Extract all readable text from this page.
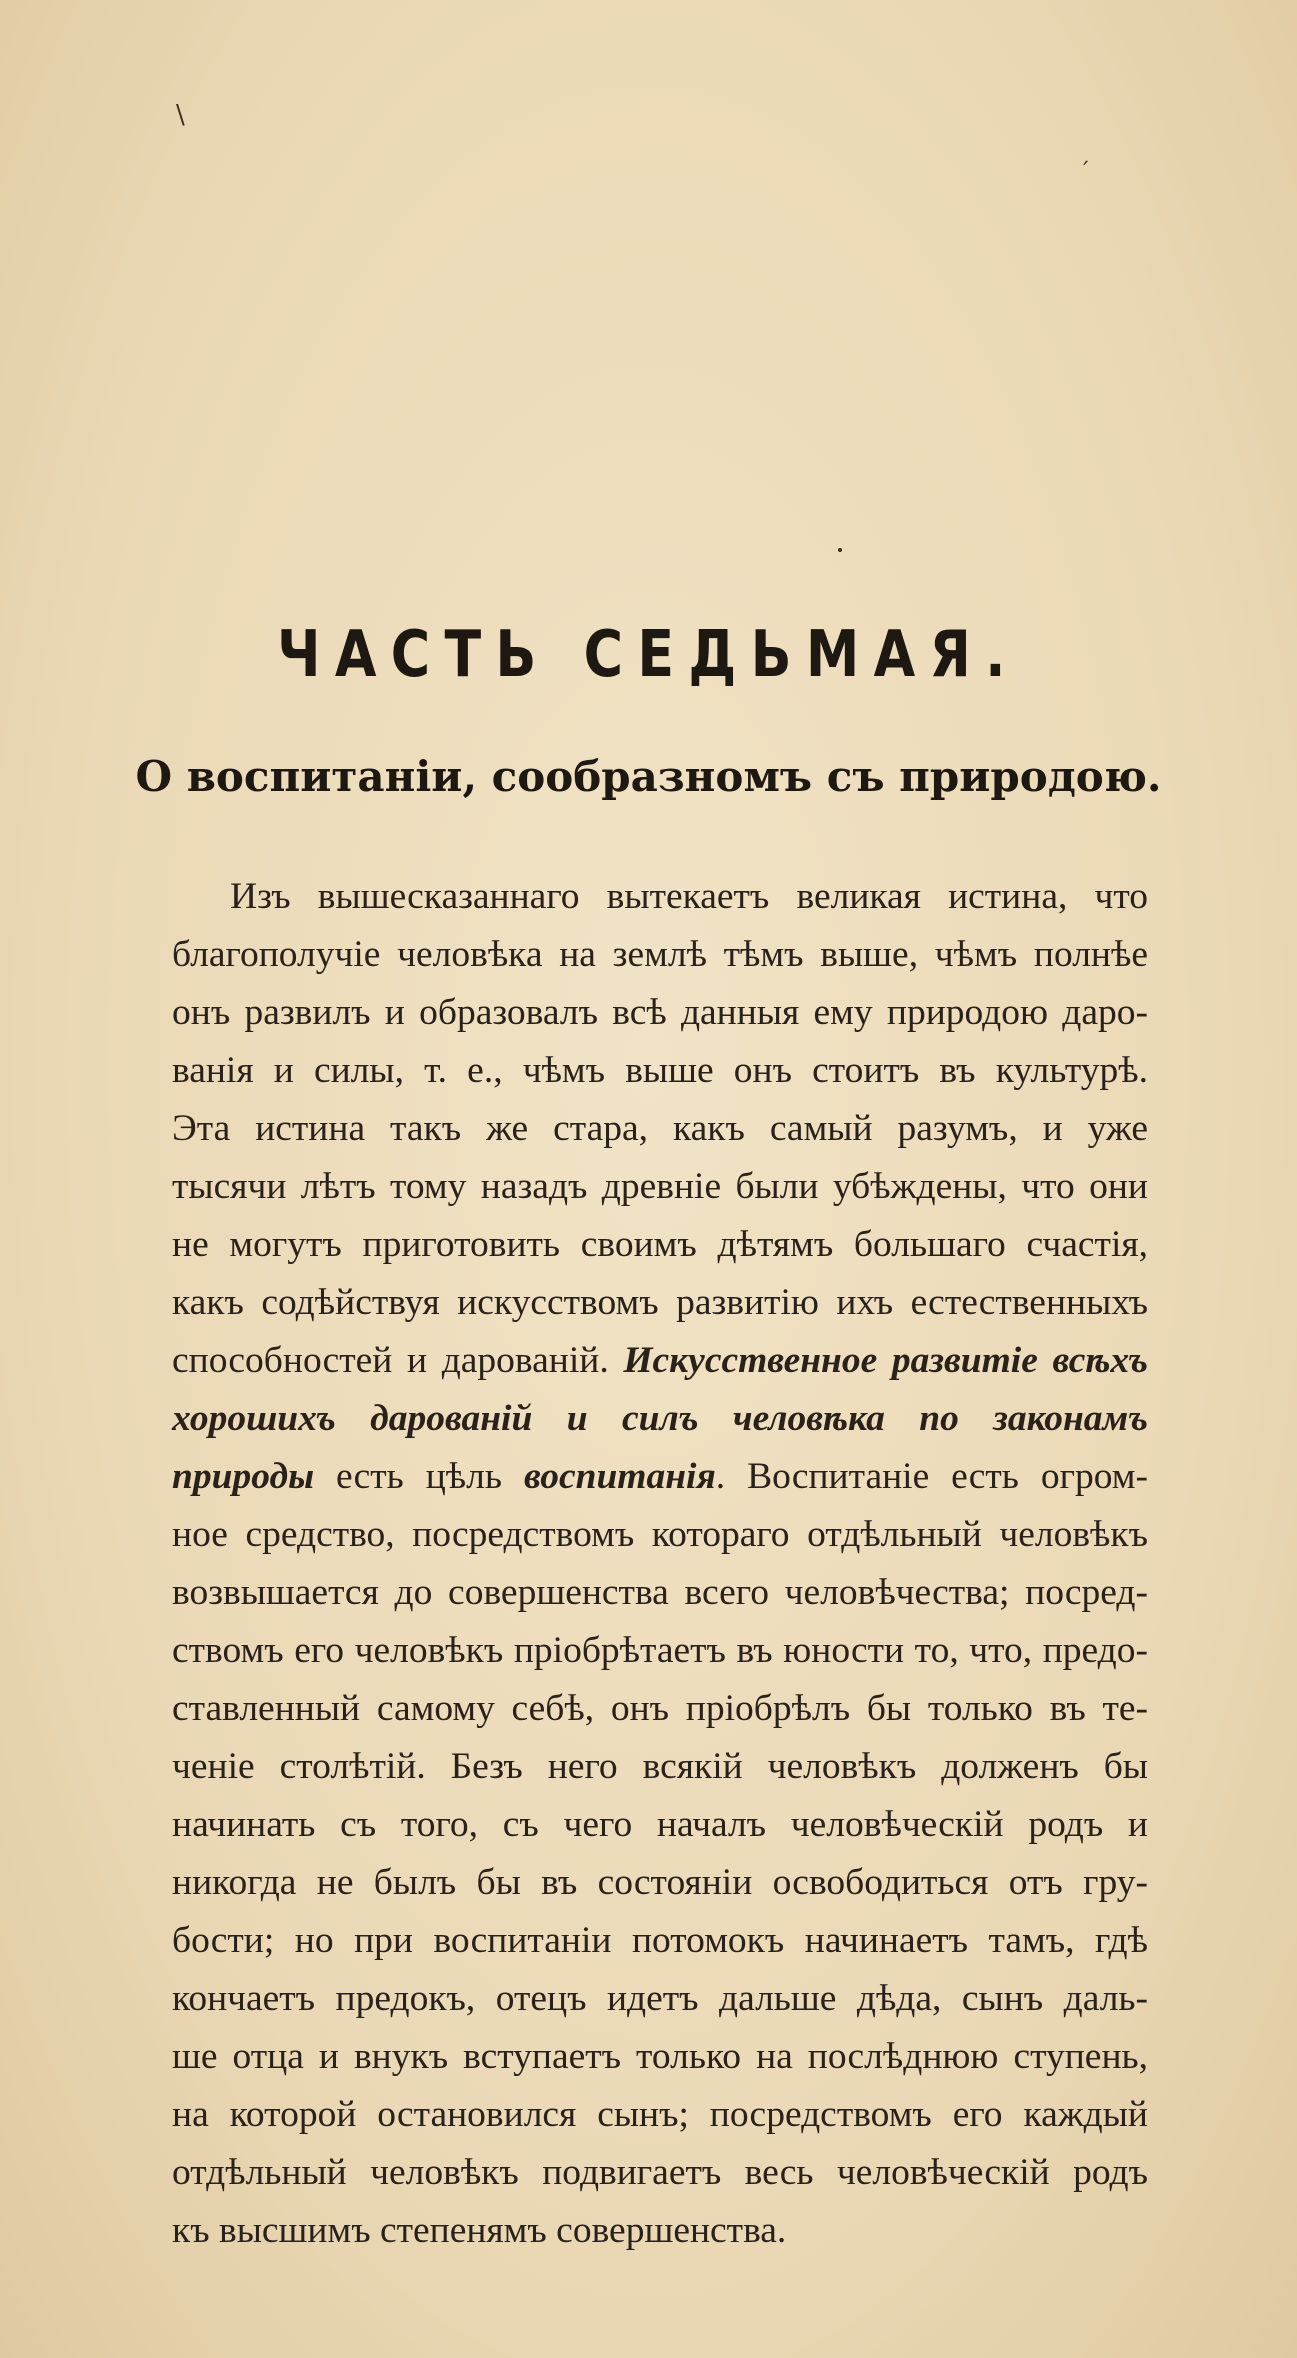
\
´
ЧАСТЬ СЕДЬМАЯ.
О воспитаніи, сообразномъ съ природою.
Изъ вышесказаннаго вытекаетъ великая истина, что
благополучіе человѣка на землѣ тѣмъ выше, чѣмъ полнѣе
онъ развилъ и образовалъ всѣ данныя ему природою даро-
ванія и силы, т. е., чѣмъ выше онъ стоитъ въ культурѣ.
Эта истина такъ же стара, какъ самый разумъ, и уже
тысячи лѣтъ тому назадъ древніе были убѣждены, что они
не могутъ приготовить своимъ дѣтямъ большаго счастія,
какъ содѣйствуя искусствомъ развитію ихъ естественныхъ
способностей и дарованій. Искусственное развитіе всѣхъ
хорошихъ дарованій и силъ человѣка по законамъ
природы есть цѣль воспитанія. Воспитаніе есть огром-
ное средство, посредствомъ котораго отдѣльный человѣкъ
возвышается до совершенства всего человѣчества; посред-
ствомъ его человѣкъ пріобрѣтаетъ въ юности то, что, предо-
ставленный самому себѣ, онъ пріобрѣлъ бы только въ те-
ченіе столѣтій. Безъ него всякій человѣкъ долженъ бы
начинать съ того, съ чего началъ человѣческій родъ и
никогда не былъ бы въ состояніи освободиться отъ гру-
бости; но при воспитаніи потомокъ начинаетъ тамъ, гдѣ
кончаетъ предокъ, отецъ идетъ дальше дѣда, сынъ даль-
ше отца и внукъ вступаетъ только на послѣднюю ступень,
на которой остановился сынъ; посредствомъ его каждый
отдѣльный человѣкъ подвигаетъ весь человѣческій родъ
къ высшимъ степенямъ совершенства.
